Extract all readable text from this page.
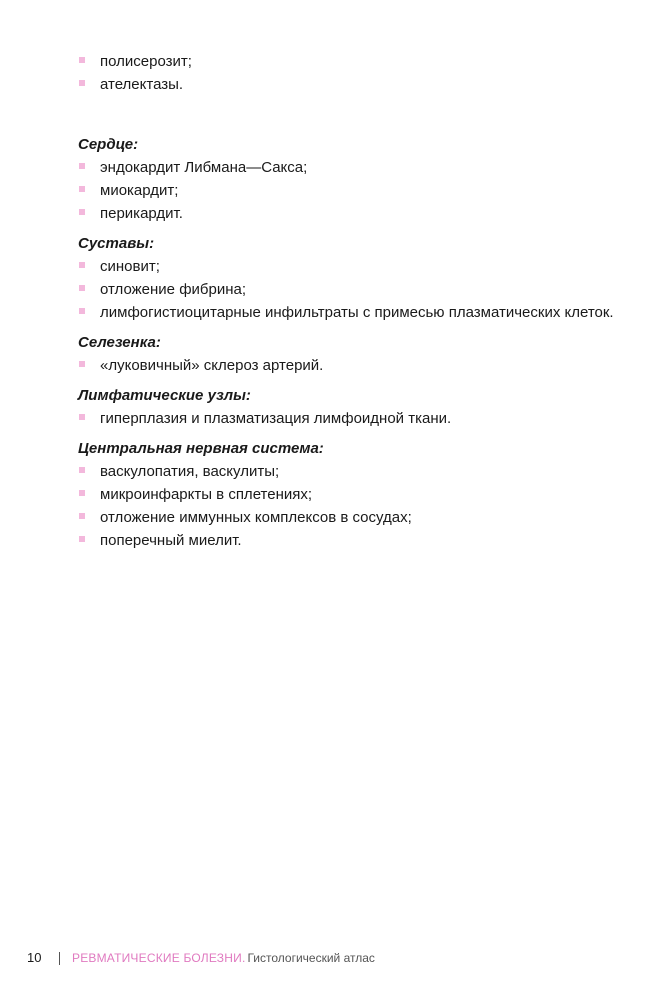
полисерозит;
ателектазы.
Сердце:
эндокардит Либмана—Сакса;
миокардит;
перикардит.
Суставы:
синовит;
отложение фибрина;
лимфогистиоцитарные инфильтраты с примесью плазматических клеток.
Селезенка:
«луковичный» склероз артерий.
Лимфатические узлы:
гиперплазия и плазматизация лимфоидной ткани.
Центральная нервная система:
васкулопатия, васкулиты;
микроинфаркты в сплетениях;
отложение иммунных комплексов в сосудах;
поперечный миелит.
10	РЕВМАТИЧЕСКИЕ БОЛЕЗНИ. Гистологический атлас
